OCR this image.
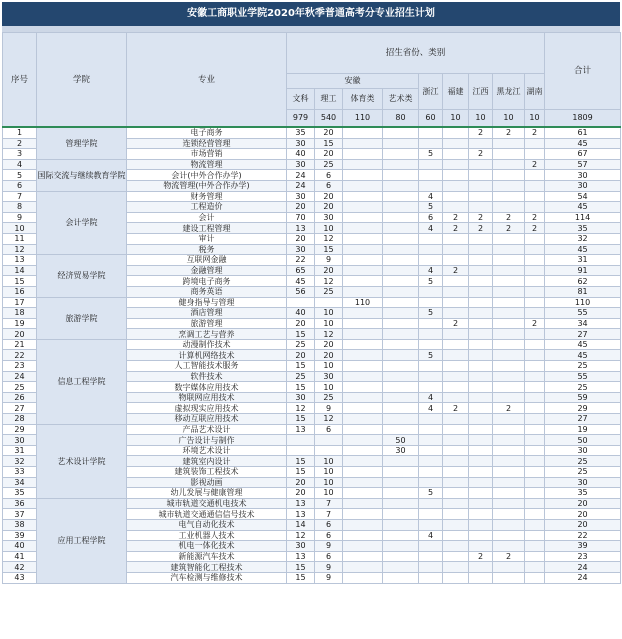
安徽工商职业学院2020年秋季普通高考分专业招生计划
序号	学院	专业	招生省份、类别									合计
			安徽				浙江	福建	江西	黑龙江	湖南	
			文科	理工	体育类	艺术类						
			979	540	110	80	60	10	10	10	10	1809
1	管理学院	电子商务	35	20					2	2	2	61
2		连锁经营管理	30	15								45
3		市场营销	40	20			5		2			67
4	国际交流与继续教育学院	物流管理	30	25							2	57
5		会计(中外合作办学)	24	6								30
6		物流管理(中外合作办学)	24	6								30
7	会计学院	财务管理	30	20			4					54
8		工程造价	20	20			5					45
9		会计	70	30			6	2	2	2	2	114
10		建设工程管理	13	10			4	2	2	2	2	35
11		审计	20	12								32
12		税务	30	15								45
13	经济贸易学院	互联网金融	22	9								31
14		金融管理	65	20			4	2				91
15		跨境电子商务	45	12			5					62
16		商务英语	56	25								81
17	旅游学院	健身指导与管理			110							110
18		酒店管理	40	10			5					55
19		旅游管理	20	10				2			2	34
20		烹调工艺与营养	15	12								27
21	信息工程学院	动漫制作技术	25	20								45
22		计算机网络技术	20	20			5					45
23		人工智能技术服务	15	10								25
24		软件技术	25	30								55
25		数字媒体应用技术	15	10								25
26		物联网应用技术	30	25			4					59
27		虚拟现实应用技术	12	9			4	2		2		29
28		移动互联应用技术	15	12								27
29	艺术设计学院	产品艺术设计	13	6								19
30		广告设计与制作				50						50
31		环境艺术设计				30						30
32		建筑室内设计	15	10								25
33		建筑装饰工程技术	15	10								25
34		影视动画	20	10								30
35		幼儿发展与健康管理	20	10			5					35
36	应用工程学院	城市轨道交通机电技术	13	7								20
37		城市轨道交通通信信号技术	13	7								20
38		电气自动化技术	14	6								20
39		工业机器人技术	12	6			4					22
40		机电一体化技术	30	9								39
41		新能源汽车技术	13	6					2	2		23
42		建筑智能化工程技术	15	9								24
43		汽车检测与维修技术	15	9								24
